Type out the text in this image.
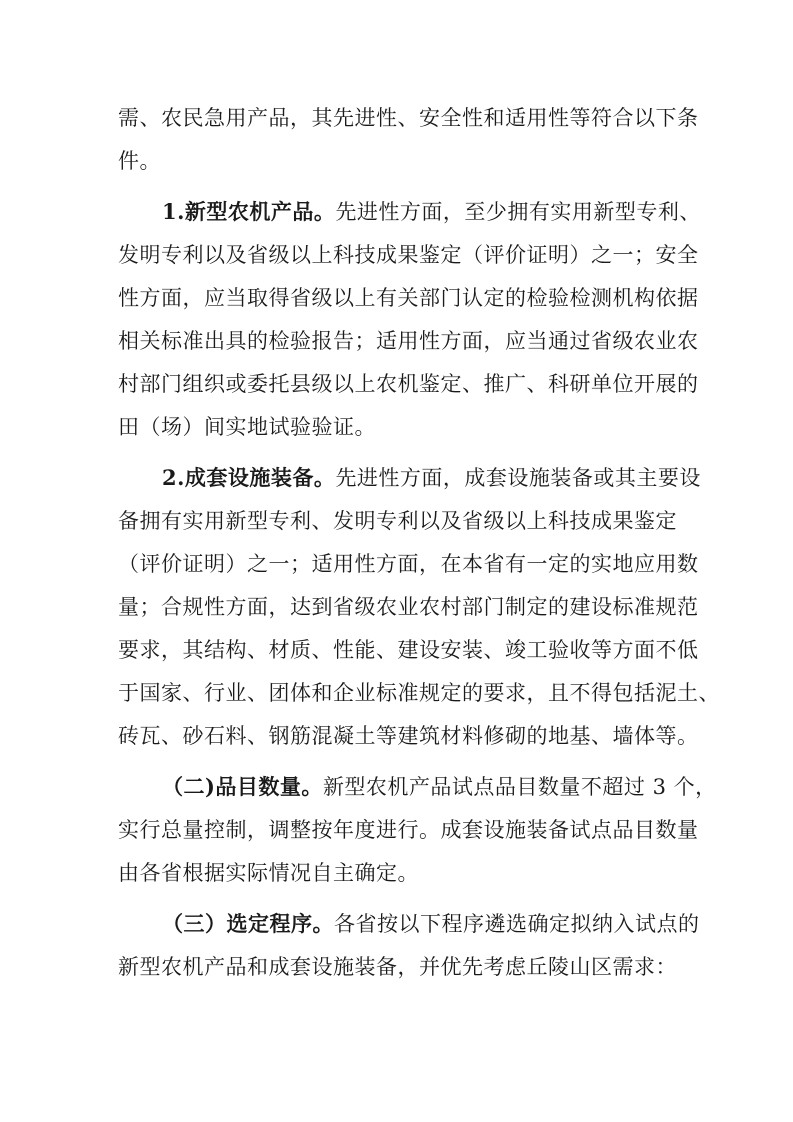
需、农民急用产品，其先进性、安全性和适用性等符合以下条
件。
1.新型农机产品。先进性方面，至少拥有实用新型专利、
发明专利以及省级以上科技成果鉴定（评价证明）之一；安全
性方面，应当取得省级以上有关部门认定的检验检测机构依据
相关标准出具的检验报告；适用性方面，应当通过省级农业农
村部门组织或委托县级以上农机鉴定、推广、科研单位开展的
田（场）间实地试验验证。
2.成套设施装备。先进性方面，成套设施装备或其主要设
备拥有实用新型专利、发明专利以及省级以上科技成果鉴定
（评价证明）之一；适用性方面，在本省有一定的实地应用数
量；合规性方面，达到省级农业农村部门制定的建设标准规范
要求，其结构、材质、性能、建设安装、竣工验收等方面不低
于国家、行业、团体和企业标准规定的要求，且不得包括泥土、
砖瓦、砂石料、钢筋混凝土等建筑材料修砌的地基、墙体等。
（二)品目数量。新型农机产品试点品目数量不超过 3 个，
实行总量控制，调整按年度进行。成套设施装备试点品目数量
由各省根据实际情况自主确定。
（三）选定程序。各省按以下程序遴选确定拟纳入试点的
新型农机产品和成套设施装备，并优先考虑丘陵山区需求：
